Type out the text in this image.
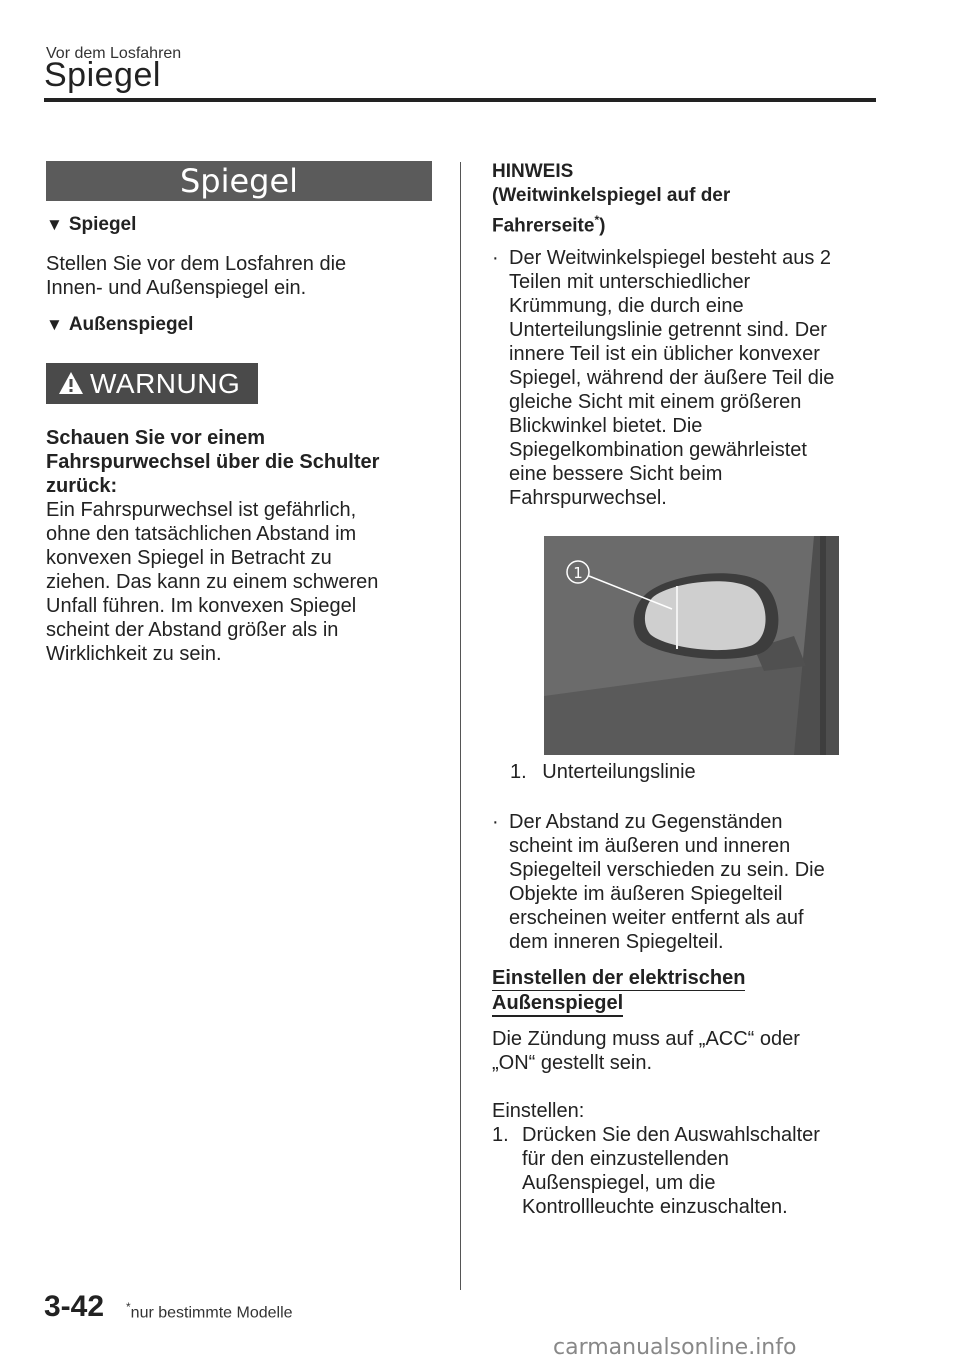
Vor dem Losfahren
Spiegel
Spiegel
▼ Spiegel
Stellen Sie vor dem Losfahren die
Innen- und Außenspiegel ein.
▼ Außenspiegel
WARNUNG
Schauen Sie vor einem
Fahrspurwechsel über die Schulter
zurück:
Ein Fahrspurwechsel ist gefährlich,
ohne den tatsächlichen Abstand im
konvexen Spiegel in Betracht zu
ziehen. Das kann zu einem schweren
Unfall führen. Im konvexen Spiegel
scheint der Abstand größer als in
Wirklichkeit zu sein.
HINWEIS
(Weitwinkelspiegel auf der
Fahrerseite*)
· Der Weitwinkelspiegel besteht aus 2
Teilen mit unterschiedlicher
Krümmung, die durch eine
Unterteilungslinie getrennt sind. Der
innere Teil ist ein üblicher konvexer
Spiegel, während der äußere Teil die
gleiche Sicht mit einem größeren
Blickwinkel bietet. Die
Spiegelkombination gewährleistet
eine bessere Sicht beim
Fahrspurwechsel.
1
1. Unterteilungslinie
· Der Abstand zu Gegenständen
scheint im äußeren und inneren
Spiegelteil verschieden zu sein. Die
Objekte im äußeren Spiegelteil
erscheinen weiter entfernt als auf
dem inneren Spiegelteil.
Einstellen der elektrischen
Außenspiegel
Die Zündung muss auf „ACC“ oder
„ON“ gestellt sein.
Einstellen:
1. Drücken Sie den Auswahlschalter
für den einzustellenden
Außenspiegel, um die
Kontrollleuchte einzuschalten.
3-42 *nur bestimmte Modelle
carmanualsonline.info
